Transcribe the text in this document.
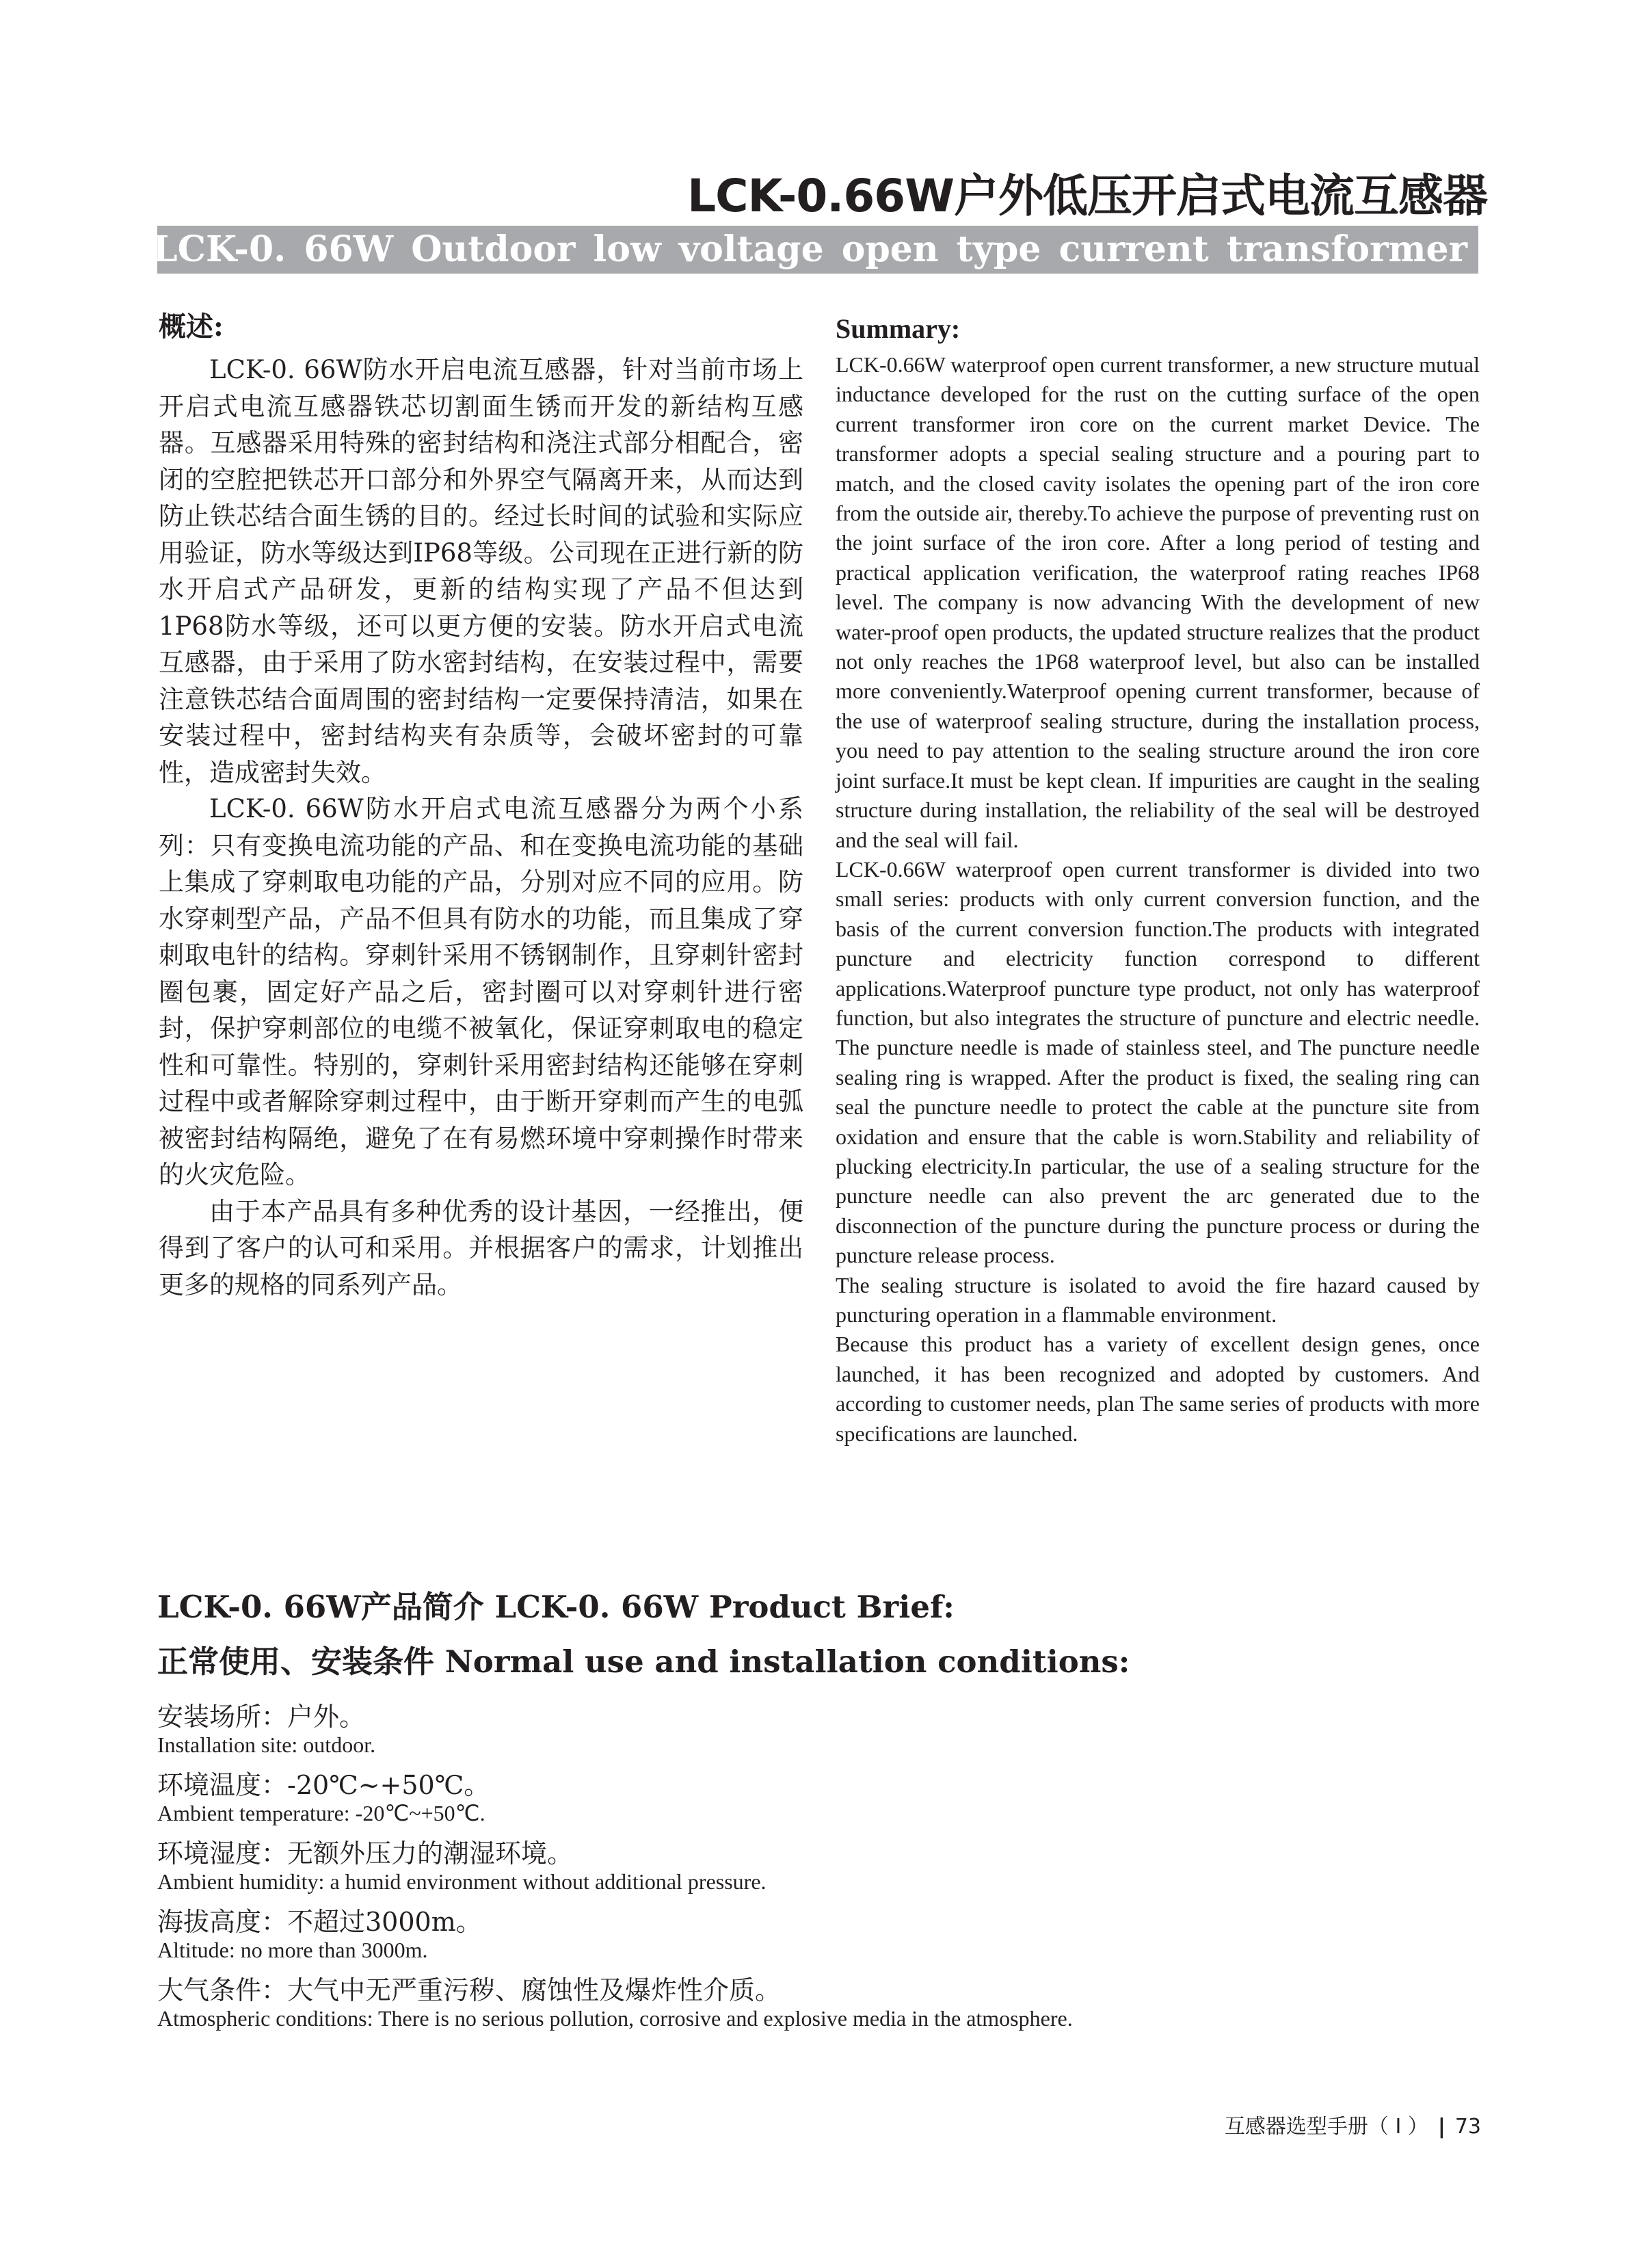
LCK-0.66W户外低压开启式电流互感器
LCK-0. 66W Outdoor low voltage open type current transformer
概述:

LCK-0. 66W防水开启电流互感器，针对当前市场上开启式电流互感器铁芯切割面生锈而开发的新结构互感器。互感器采用特殊的密封结构和浇注式部分相配合，密闭的空腔把铁芯开口部分和外界空气隔离开来，从而达到防止铁芯结合面生锈的目的。经过长时间的试验和实际应用验证，防水等级达到IP68等级。公司现在正进行新的防水开启式产品研发，更新的结构实现了产品不但达到1P68防水等级，还可以更方便的安装。防水开启式电流互感器，由于采用了防水密封结构，在安装过程中，需要注意铁芯结合面周围的密封结构一定要保持清洁，如果在安装过程中，密封结构夹有杂质等，会破坏密封的可靠性，造成密封失效。

LCK-0. 66W防水开启式电流互感器分为两个小系列：只有变换电流功能的产品、和在变换电流功能的基础上集成了穿刺取电功能的产品，分别对应不同的应用。防水穿刺型产品，产品不但具有防水的功能，而且集成了穿刺取电针的结构。穿刺针采用不锈钢制作，且穿刺针密封圈包裹，固定好产品之后，密封圈可以对穿刺针进行密封，保护穿刺部位的电缆不被氧化，保证穿刺取电的稳定性和可靠性。特别的，穿刺针采用密封结构还能够在穿刺过程中或者解除穿刺过程中，由于断开穿刺而产生的电弧被密封结构隔绝，避免了在有易燃环境中穿刺操作时带来的火灾危险。

由于本产品具有多种优秀的设计基因，一经推出，便得到了客户的认可和采用。并根据客户的需求，计划推出更多的规格的同系列产品。

Summary:

LCK-0.66W waterproof open current transformer, a new structure mutual inductance developed for the rust on the cutting surface of the open current transformer iron core on the current market Device. The transformer adopts a special sealing structure and a pouring part to match, and the closed cavity isolates the opening part of the iron core from the outside air, thereby.To achieve the purpose of preventing rust on the joint surface of the iron core. After a long period of testing and practical application verification, the waterproof rating reaches IP68 level. The company is now advancing With the development of new water-proof open products, the updated structure realizes that the product not only reaches the 1P68 waterproof level, but also can be installed more conveniently.Waterproof opening current transformer, because of the use of waterproof sealing structure, during the installation process, you need to pay attention to the sealing structure around the iron core joint surface.It must be kept clean. If impurities are caught in the sealing structure during installation, the reliability of the seal will be destroyed and the seal will fail.

LCK-0.66W waterproof open current transformer is divided into two small series: products with only current conversion function, and the basis of the current conversion function.The products with integrated puncture and electricity function correspond to different applications.Waterproof puncture type product, not only has waterproof function, but also integrates the structure of puncture and electric needle. The puncture needle is made of stainless steel, and The puncture needle sealing ring is wrapped. After the product is fixed, the sealing ring can seal the puncture needle to protect the cable at the puncture site from oxidation and ensure that the cable is worn.Stability and reliability of plucking electricity.In particular, the use of a sealing structure for the puncture needle can also prevent the arc generated due to the disconnection of the puncture during the puncture process or during the puncture release process.

The sealing structure is isolated to avoid the fire hazard caused by puncturing operation in a flammable environment.

Because this product has a variety of excellent design genes, once launched, it has been recognized and adopted by customers. And according to customer needs, plan The same series of products with more specifications are launched.

LCK-0. 66W产品简介 LCK-0. 66W Product Brief:
正常使用、安装条件 Normal use and installation conditions:
安装场所：户外。
Installation site: outdoor.
环境温度：-20℃~+50℃。
Ambient temperature: -20℃~+50℃.
环境湿度：无额外压力的潮湿环境。
Ambient humidity: a humid environment without additional pressure.
海拔高度：不超过3000m。
Altitude: no more than 3000m.
大气条件：大气中无严重污秽、腐蚀性及爆炸性介质。
Atmospheric conditions: There is no serious pollution, corrosive and explosive media in the atmosphere.
互感器选型手册（ I ） | 73
